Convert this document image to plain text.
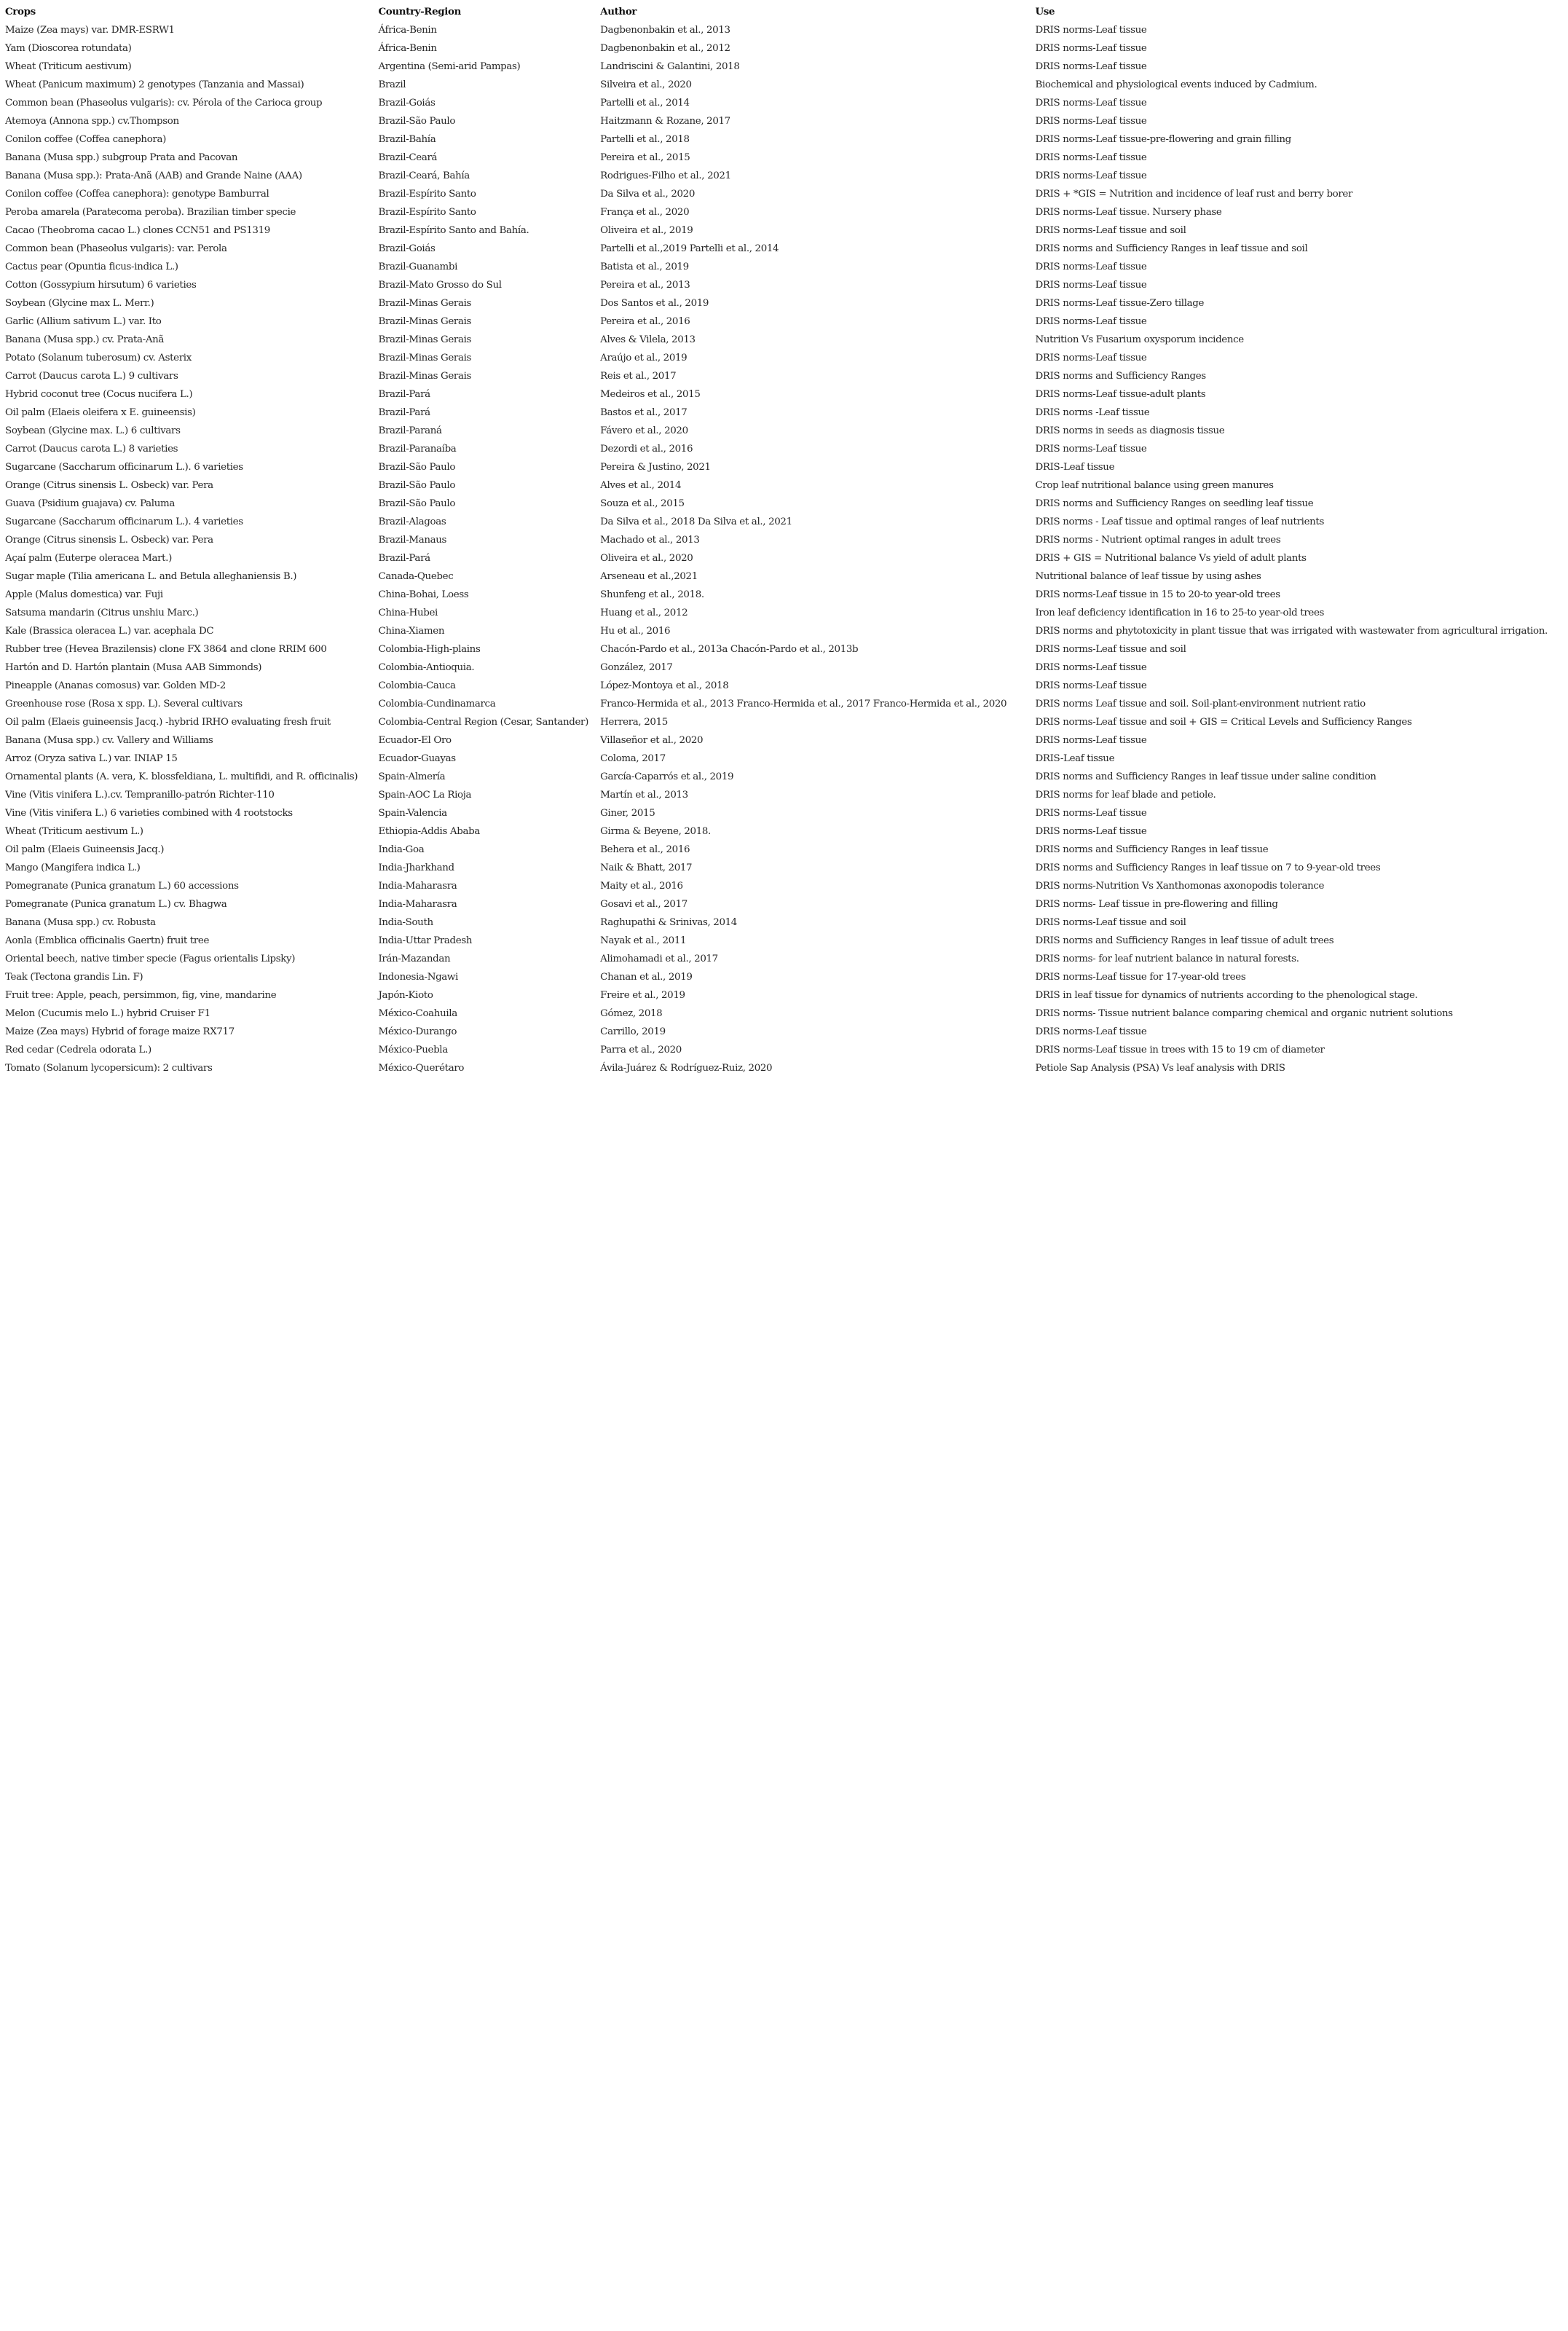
Crops	Country-Region	Author	Use
Maize (Zea mays) var. DMR-ESRW1	África-Benin	Dagbenonbakin et al., 2013	DRIS norms-Leaf tissue
Yam (Dioscorea rotundata)	África-Benin	Dagbenonbakin et al., 2012	DRIS norms-Leaf tissue
Wheat (Triticum aestivum)	Argentina (Semi-arid Pampas)	Landriscini & Galantini, 2018	DRIS norms-Leaf tissue
Wheat (Panicum maximum) 2 genotypes (Tanzania and Massai)	Brazil	Silveira et al., 2020	Biochemical and physiological events induced by Cadmium.
Common bean (Phaseolus vulgaris): cv. Pérola of the Carioca group	Brazil-Goiás	Partelli et al., 2014	DRIS norms-Leaf tissue
Atemoya (Annona spp.) cv.Thompson	Brazil-São Paulo	Haitzmann & Rozane, 2017	DRIS norms-Leaf tissue
Conilon coffee (Coffea canephora)	Brazil-Bahía	Partelli et al., 2018	DRIS norms-Leaf tissue-pre-flowering and grain filling
Banana (Musa spp.) subgroup Prata and Pacovan	Brazil-Ceará	Pereira et al., 2015	DRIS norms-Leaf tissue
Banana (Musa spp.): Prata-Anã (AAB) and Grande Naine (AAA)	Brazil-Ceará, Bahía	Rodrigues-Filho et al., 2021	DRIS norms-Leaf tissue
Conilon coffee (Coffea canephora): genotype Bamburral	Brazil-Espírito Santo	Da Silva et al., 2020	DRIS + *GIS = Nutrition and incidence of leaf rust and berry borer
Peroba amarela (Paratecoma peroba). Brazilian timber specie	Brazil-Espírito Santo	França et al., 2020	DRIS norms-Leaf tissue. Nursery phase
Cacao (Theobroma cacao L.) clones CCN51 and PS1319	Brazil-Espírito Santo and Bahía.	Oliveira et al., 2019	DRIS norms-Leaf tissue and soil
Common bean (Phaseolus vulgaris): var. Perola	Brazil-Goiás	Partelli et al.,2019 Partelli et al., 2014	DRIS norms and Sufficiency Ranges in leaf tissue and soil
Cactus pear (Opuntia ficus-indica L.)	Brazil-Guanambi	Batista et al., 2019	DRIS norms-Leaf tissue
Cotton (Gossypium hirsutum) 6 varieties	Brazil-Mato Grosso do Sul	Pereira et al., 2013	DRIS norms-Leaf tissue
Soybean (Glycine max L. Merr.)	Brazil-Minas Gerais	Dos Santos et al., 2019	DRIS norms-Leaf tissue-Zero tillage
Garlic (Allium sativum L.) var. Ito	Brazil-Minas Gerais	Pereira et al., 2016	DRIS norms-Leaf tissue
Banana (Musa spp.) cv. Prata-Anã	Brazil-Minas Gerais	Alves & Vilela, 2013	Nutrition Vs Fusarium oxysporum incidence
Potato (Solanum tuberosum) cv. Asterix	Brazil-Minas Gerais	Araújo et al., 2019	DRIS norms-Leaf tissue
Carrot (Daucus carota L.) 9 cultivars	Brazil-Minas Gerais	Reis et al., 2017	DRIS norms and Sufficiency Ranges
Hybrid coconut tree (Cocus nucifera L.)	Brazil-Pará	Medeiros et al., 2015	DRIS norms-Leaf tissue-adult plants
Oil palm (Elaeis oleifera x E. guineensis)	Brazil-Pará	Bastos et al., 2017	DRIS norms -Leaf tissue
Soybean (Glycine max. L.) 6 cultivars	Brazil-Paraná	Fávero et al., 2020	DRIS norms in seeds as diagnosis tissue
Carrot (Daucus carota L.) 8 varieties	Brazil-Paranaíba	Dezordi et al., 2016	DRIS norms-Leaf tissue
Sugarcane (Saccharum officinarum L.). 6 varieties	Brazil-São Paulo	Pereira & Justino, 2021	DRIS-Leaf tissue
Orange (Citrus sinensis L. Osbeck) var. Pera	Brazil-São Paulo	Alves et al., 2014	Crop leaf nutritional balance using green manures
Guava (Psidium guajava) cv. Paluma	Brazil-São Paulo	Souza et al., 2015	DRIS norms and Sufficiency Ranges on seedling leaf tissue
Sugarcane (Saccharum officinarum L.). 4 varieties	Brazil-Alagoas	Da Silva et al., 2018 Da Silva et al., 2021	DRIS norms - Leaf tissue and optimal ranges of leaf nutrients
Orange (Citrus sinensis L. Osbeck) var. Pera	Brazil-Manaus	Machado et al., 2013	DRIS norms - Nutrient optimal ranges in adult trees
Açaí palm (Euterpe oleracea Mart.)	Brazil-Pará	Oliveira et al., 2020	DRIS + GIS = Nutritional balance Vs yield of adult plants
Sugar maple (Tilia americana L. and Betula alleghaniensis B.)	Canada-Quebec	Arseneau et al.,2021	Nutritional balance of leaf tissue by using ashes
Apple (Malus domestica) var. Fuji	China-Bohai, Loess	Shunfeng et al., 2018.	DRIS norms-Leaf tissue in 15 to 20-to year-old trees
Satsuma mandarin (Citrus unshiu Marc.)	China-Hubei	Huang et al., 2012	Iron leaf deficiency identification in 16 to 25-to year-old trees
Kale (Brassica oleracea L.) var. acephala DC	China-Xiamen	Hu et al., 2016	DRIS norms and phytotoxicity in plant tissue that was irrigated with wastewater from agricultural irrigation.
Rubber tree (Hevea Brazilensis) clone FX 3864 and clone RRIM 600	Colombia-High-plains	Chacón-Pardo et al., 2013a Chacón-Pardo et al., 2013b	DRIS norms-Leaf tissue and soil
Hartón and D. Hartón plantain (Musa AAB Simmonds)	Colombia-Antioquia.	González, 2017	DRIS norms-Leaf tissue
Pineapple (Ananas comosus) var. Golden MD-2	Colombia-Cauca	López-Montoya et al., 2018	DRIS norms-Leaf tissue
Greenhouse rose (Rosa x spp. L). Several cultivars	Colombia-Cundinamarca	Franco-Hermida et al., 2013 Franco-Hermida et al., 2017 Franco-Hermida et al., 2020	DRIS norms Leaf tissue and soil. Soil-plant-environment nutrient ratio
Oil palm (Elaeis guineensis Jacq.) -hybrid IRHO evaluating fresh fruit	Colombia-Central Region (Cesar, Santander)	Herrera, 2015	DRIS norms-Leaf tissue and soil + GIS = Critical Levels and Sufficiency Ranges
Banana (Musa spp.) cv. Vallery and Williams	Ecuador-El Oro	Villaseñor et al., 2020	DRIS norms-Leaf tissue
Arroz (Oryza sativa L.) var. INIAP 15	Ecuador-Guayas	Coloma, 2017	DRIS-Leaf tissue
Ornamental plants (A. vera, K. blossfeldiana, L. multifidi, and R. officinalis)	Spain-Almería	García-Caparrós et al., 2019	DRIS norms and Sufficiency Ranges in leaf tissue under saline condition
Vine (Vitis vinifera L.).cv. Tempranillo-patrón Richter-110	Spain-AOC La Rioja	Martín et al., 2013	DRIS norms for leaf blade and petiole.
Vine (Vitis vinifera L.) 6 varieties combined with 4 rootstocks	Spain-Valencia	Giner, 2015	DRIS norms-Leaf tissue
Wheat (Triticum aestivum L.)	Ethiopia-Addis Ababa	Girma & Beyene, 2018.	DRIS norms-Leaf tissue
Oil palm (Elaeis Guineensis Jacq.)	India-Goa	Behera et al., 2016	DRIS norms and Sufficiency Ranges in leaf tissue
Mango (Mangifera indica L.)	India-Jharkhand	Naik & Bhatt, 2017	DRIS norms and Sufficiency Ranges in leaf tissue on 7 to 9-year-old trees
Pomegranate (Punica granatum L.) 60 accessions	India-Maharasra	Maity et al., 2016	DRIS norms-Nutrition Vs Xanthomonas axonopodis tolerance
Pomegranate (Punica granatum L.) cv. Bhagwa	India-Maharasra	Gosavi et al., 2017	DRIS norms- Leaf tissue in pre-flowering and filling
Banana (Musa spp.) cv. Robusta	India-South	Raghupathi & Srinivas, 2014	DRIS norms-Leaf tissue and soil
Aonla (Emblica officinalis Gaertn) fruit tree	India-Uttar Pradesh	Nayak et al., 2011	DRIS norms and Sufficiency Ranges in leaf tissue of adult trees
Oriental beech, native timber specie (Fagus orientalis Lipsky)	Irán-Mazandan	Alimohamadi et al., 2017	DRIS norms- for leaf nutrient balance in natural forests.
Teak (Tectona grandis Lin. F)	Indonesia-Ngawi	Chanan et al., 2019	DRIS norms-Leaf tissue for 17-year-old trees
Fruit tree: Apple, peach, persimmon, fig, vine, mandarine	Japón-Kioto	Freire et al., 2019	DRIS in leaf tissue for dynamics of nutrients according to the phenological stage.
Melon (Cucumis melo L.) hybrid Cruiser F1	México-Coahuila	Gómez, 2018	DRIS norms- Tissue nutrient balance comparing chemical and organic nutrient solutions
Maize (Zea mays) Hybrid of forage maize RX717	México-Durango	Carrillo, 2019	DRIS norms-Leaf tissue
Red cedar (Cedrela odorata L.)	México-Puebla	Parra et al., 2020	DRIS norms-Leaf tissue in trees with 15 to 19 cm of diameter
Tomato (Solanum lycopersicum): 2 cultivars	México-Querétaro	Ávila-Juárez & Rodríguez-Ruiz, 2020	Petiole Sap Analysis (PSA) Vs leaf analysis with DRIS
